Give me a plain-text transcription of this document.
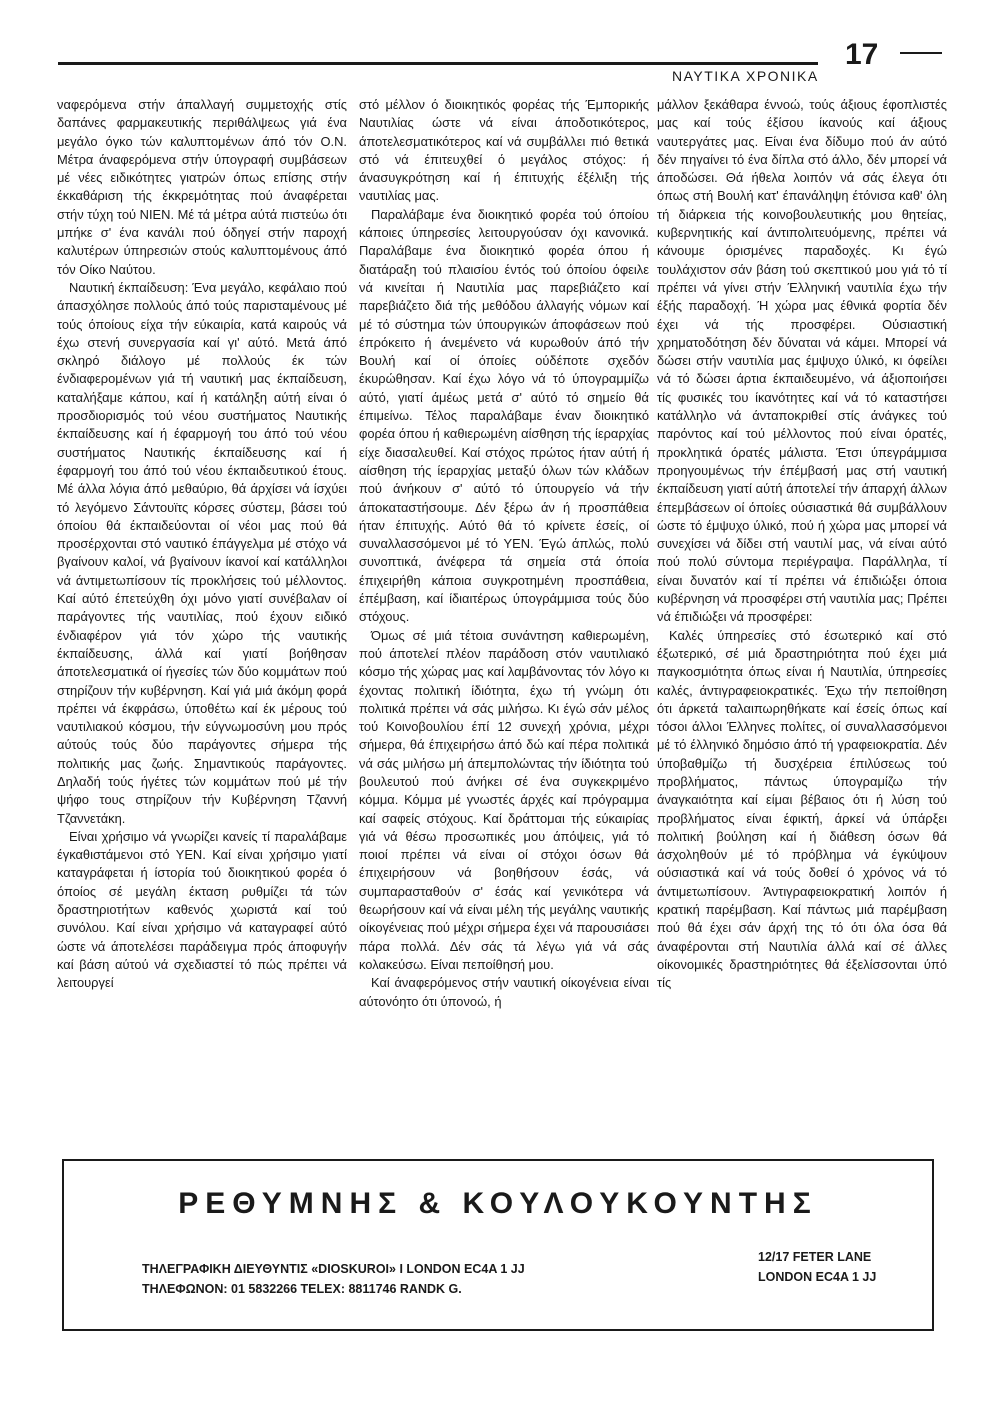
ΝΑΥΤΙΚΑ ΧΡΟΝΙΚΑ
17

ναφερόμενα στήν άπαλλαγή συμμετοχής στίς δαπάνες φαρμακευτικής περιθάλψεως γιά ένα μεγάλο όγκο τών καλυπτομένων άπό τόν Ο.Ν. Μέτρα άναφερόμενα στήν ύπογραφή συμβάσεων μέ νέες ειδικότητες γιατρών όπως επίσης στήν έκκαθάριση τής έκκρεμότητας πού άναφέρεται στήν τύχη τού ΝΙΕΝ. Μέ τά μέτρα αύτά πιστεύω ότι μπήκε σ' ένα κανάλι πού όδηγεί στήν παροχή καλυτέρων ύπηρεσιών στούς καλυπτομένους άπό τόν Οίκο Ναύτου.

Ναυτική έκπαίδευση: Ένα μεγάλο, κεφάλαιο πού άπασχόλησε πολλούς άπό τούς παρισταμένους μέ τούς όποίους είχα τήν εύκαιρία, κατά καιρούς νά έχω στενή συνεργασία καί γι' αύτό. Μετά άπό σκληρό διάλογο μέ πολλούς έκ τών ένδιαφερομένων γιά τή ναυτική μας έκπαίδευση, καταλήξαμε κάπου, καί ή κατάληξη αύτή είναι ό προσδιορισμός τού νέου συστήματος Ναυτικής έκπαίδευσης καί ή έφαρμογή του άπό τού νέου συστήματος Ναυτικής έκπαίδευσης καί ή έφαρμογή του άπό τού νέου έκπαιδευτικού έτους. Μέ άλλα λόγια άπό μεθαύριο, θά άρχίσει νά ίσχύει τό λεγόμενο Σάντουϊτς κόρσες σύστεμ, βάσει τού όποίου θά έκπαιδεύονται οί νέοι μας πού θά προσέρχονται στό ναυτικό έπάγγελμα μέ στόχο νά βγαίνουν καλοί, νά βγαίνουν ίκανοί καί κατάλληλοι νά άντιμετωπίσουν τίς προκλήσεις τού μέλλοντος. Καί αύτό έπετεύχθη όχι μόνο γιατί συνέβαλαν οί παράγοντες τής ναυτιλίας, πού έχουν ειδικό ένδιαφέρον γιά τόν χώρο τής ναυτικής έκπαίδευσης, άλλά καί γιατί βοήθησαν άποτελεσματικά οί ήγεσίες τών δύο κομμάτων πού στηρίζουν τήν κυβέρνηση. Καί γιά μιά άκόμη φορά πρέπει νά έκφράσω, ύποθέτω καί έκ μέρους τού ναυτιλιακού κόσμου, τήν εύγνωμοσύνη μου πρός αύτούς τούς δύο παράγοντες σήμερα τής πολιτικής μας ζωής. Σημαντικούς παράγοντες. Δηλαδή τούς ήγέτες τών κομμάτων πού μέ τήν ψήφο τους στηρίζουν τήν Κυβέρνηση Τζαννή Τζαννετάκη.

Είναι χρήσιμο νά γνωρίζει κανείς τί παραλάβαμε έγκαθιστάμενοι στό ΥΕΝ. Καί είναι χρήσιμο γιατί καταγράφεται ή ίστορία τού διοικητικού φορέα ό όποίος σέ μεγάλη έκταση ρυθμίζει τά τών δραστηριοτήτων καθενός χωριστά καί τού συνόλου. Καί είναι χρήσιμο νά καταγραφεί αύτό ώστε νά άποτελέσει παράδειγμα πρός άποφυγήν καί βάση αύτού νά σχεδιαστεί τό πώς πρέπει νά λειτουργεί

στό μέλλον ό διοικητικός φορέας τής Έμπορικής Ναυτιλίας ώστε νά είναι άποδοτικότερος, άποτελεσματικότερος καί νά συμβάλλει πιό θετικά στό νά έπιτευχθεί ό μεγάλος στόχος: ή άνασυγκρότηση καί ή έπιτυχής έξέλιξη τής ναυτιλίας μας.

Παραλάβαμε ένα διοικητικό φορέα τού όποίου κάποιες ύπηρεσίες λειτουργούσαν όχι κανονικά. Παραλάβαμε ένα διοικητικό φορέα όπου ή διατάραξη τού πλαισίου έντός τού όποίου όφειλε νά κινείται ή Ναυτιλία μας παρεβιάζετο καί παρεβιάζετο διά τής μεθόδου άλλαγής νόμων καί μέ τό σύστημα τών ύπουργικών άποφάσεων πού έπρόκειτο ή άνεμένετο νά κυρωθούν άπό τήν Βουλή καί οί όποίες ούδέποτε σχεδόν έκυρώθησαν. Καί έχω λόγο νά τό ύπογραμμίζω αύτό, γιατί άμέως μετά σ' αύτό τό σημείο θά έπιμείνω. Τέλος παραλάβαμε έναν διοικητικό φορέα όπου ή καθιερωμένη αίσθηση τής ίεραρχίας είχε διασαλευθεί. Καί στόχος πρώτος ήταν αύτή ή αίσθηση τής ίεραρχίας μεταξύ όλων τών κλάδων πού άνήκουν σ' αύτό τό ύπουργείο νά τήν άποκαταστήσουμε. Δέν ξέρω άν ή προσπάθεια ήταν έπιτυχής. Αύτό θά τό κρίνετε έσείς, οί συναλλασσόμενοι μέ τό ΥΕΝ. Έγώ άπλώς, πολύ συνοπτικά, άνέφερα τά σημεία στά όποία έπιχειρήθη κάποια συγκροτημένη προσπάθεια, έπέμβαση, καί ίδιαιτέρως ύπογράμμισα τούς δύο στόχους.

Όμως σέ μιά τέτοια συνάντηση καθιερωμένη, πού άποτελεί πλέον παράδοση στόν ναυτιλιακό κόσμο τής χώρας μας καί λαμβάνοντας τόν λόγο κι έχοντας πολιτική ίδιότητα, έχω τή γνώμη ότι πολιτικά πρέπει νά σάς μιλήσω. Κι έγώ σάν μέλος τού Κοινοβουλίου έπί 12 συνεχή χρόνια, μέχρι σήμερα, θά έπιχειρήσω άπό δώ καί πέρα πολιτικά νά σάς μιλήσω μή άπεμπολώντας τήν ίδιότητα τού βουλευτού πού άνήκει σέ ένα συγκεκριμένο κόμμα. Κόμμα μέ γνωστές άρχές καί πρόγραμμα καί σαφείς στόχους. Καί δράττομαι τής εύκαιρίας γιά νά θέσω προσωπικές μου άπόψεις, γιά τό ποιοί πρέπει νά είναι οί στόχοι όσων θά έπιχειρήσουν νά βοηθήσουν έσάς, νά συμπαρασταθούν σ' έσάς καί γενικότερα νά θεωρήσουν καί νά είναι μέλη τής μεγάλης ναυτικής οίκογένειας πού μέχρι σήμερα έχει νά παρουσιάσει πάρα πολλά. Δέν σάς τά λέγω γιά νά σάς κολακεύσω. Είναι πεποίθησή μου.

Καί άναφερόμενος στήν ναυτική οίκογένεια είναι αύτονόητο ότι ύπονοώ, ή

μάλλον ξεκάθαρα έννοώ, τούς άξιους έφοπλιστές μας καί τούς έξίσου ίκανούς καί άξιους ναυτεργάτες μας. Είναι ένα δίδυμο πού άν αύτό δέν πηγαίνει τό ένα δίπλα στό άλλο, δέν μπορεί νά άποδώσει. Θά ήθελα λοιπόν νά σάς έλεγα ότι όπως στή Βουλή κατ' έπανάληψη έτόνισα καθ' όλη τή διάρκεια τής κοινοβουλευτικής μου θητείας, κυβερνητικής καί άντιπολιτευόμενης, πρέπει νά κάνουμε όρισμένες παραδοχές. Κι έγώ τουλάχιστον σάν βάση τού σκεπτικού μου γιά τό τί πρέπει νά γίνει στήν Έλληνική ναυτιλία έχω τήν έξής παραδοχή. Ή χώρα μας έθνικά φορτία δέν έχει νά τής προσφέρει. Ούσιαστική χρηματοδότηση δέν δύναται νά κάμει. Μπορεί νά δώσει στήν ναυτιλία μας έμψυχο ύλικό, κι όφείλει νά τό δώσει άρτια έκπαιδευμένο, νά άξιοποιήσει τίς φυσικές του ίκανότητες καί νά τό καταστήσει κατάλληλο νά άνταποκριθεί στίς άνάγκες τού παρόντος καί τού μέλλοντος πού είναι όρατές, προκλητικά όρατές μάλιστα. Έτσι ύπεγράμμισα προηγουμένως τήν έπέμβασή μας στή ναυτική έκπαίδευση γιατί αύτή άποτελεί τήν άπαρχή άλλων έπεμβάσεων οί όποίες ούσιαστικά θά συμβάλλουν ώστε τό έμψυχο ύλικό, πού ή χώρα μας μπορεί νά συνεχίσει νά δίδει στή ναυτιλί μας, νά είναι αύτό πού πολύ σύντομα περιέγραψα. Παράλληλα, τί είναι δυνατόν καί τί πρέπει νά έπιδιώξει όποια κυβέρνηση νά προσφέρει στή ναυτιλία μας; Πρέπει νά έπιδιώξει νά προσφέρει:

Καλές ύπηρεσίες στό έσωτερικό καί στό έξωτερικό, σέ μιά δραστηριότητα πού έχει μιά παγκοσμιότητα όπως είναι ή Ναυτιλία, ύπηρεσίες καλές, άντιγραφειοκρατικές. Έχω τήν πεποίθηση ότι άρκετά ταλαιπωρηθήκατε καί έσείς όπως καί τόσοι άλλοι Έλληνες πολίτες, οί συναλλασσόμενοι μέ τό έλληνικό δημόσιο άπό τή γραφειοκρατία. Δέν ύποβαθμίζω τή δυσχέρεια έπιλύσεως τού προβλήματος, πάντως ύπογραμίζω τήν άναγκαιότητα καί είμαι βέβαιος ότι ή λύση τού προβλήματος είναι έφικτή, άρκεί νά ύπάρξει πολιτική βούληση καί ή διάθεση όσων θά άσχοληθούν μέ τό πρόβλημα νά έγκύψουν ούσιαστικά καί νά τούς δοθεί ό χρόνος νά τό άντιμετωπίσουν. Άντιγραφειοκρατική λοιπόν ή κρατική παρέμβαση. Καί πάντως μιά παρέμβαση πού θά έχει σάν άρχή της τό ότι όλα όσα θά άναφέρονται στή Ναυτιλία άλλά καί σέ άλλες οίκονομικές δραστηριότητες θά έξελίσσονται ύπό τίς

ΡΕΘΥΜΝΗΣ & ΚΟΥΛΟΥΚΟΥΝΤΗΣ
ΤΗΛΕΓΡΑΦΙΚΗ ΔΙΕΥΘΥΝΤΙΣ «DIOSKUROI» I LONDON EC4A 1 JJ
ΤΗΛΕΦΩΝΟΝ: 01 5832266 TELEX: 8811746 RANDK G.
12/17 FETER LANE
LONDON EC4A 1 JJ
